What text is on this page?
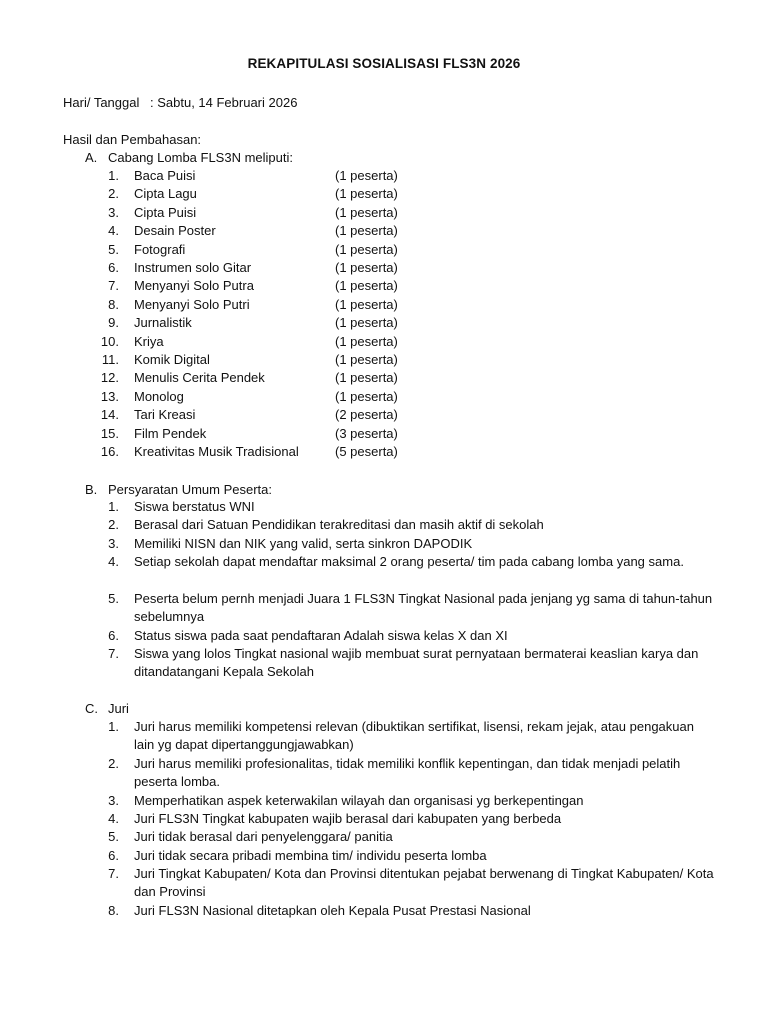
REKAPITULASI SOSIALISASI FLS3N 2026
Hari/ Tanggal : Sabtu, 14 Februari 2026
Hasil dan Pembahasan:
A. Cabang Lomba FLS3N meliputi:
1. Baca Puisi	(1 peserta)
2. Cipta Lagu	(1 peserta)
3. Cipta Puisi	(1 peserta)
4. Desain Poster	(1 peserta)
5. Fotografi	(1 peserta)
6. Instrumen solo Gitar	(1 peserta)
7. Menyanyi Solo Putra	(1 peserta)
8. Menyanyi Solo Putri	(1 peserta)
9. Jurnalistik	(1 peserta)
10. Kriya	(1 peserta)
11. Komik Digital	(1 peserta)
12. Menulis Cerita Pendek	(1 peserta)
13. Monolog	(1 peserta)
14. Tari Kreasi	(2 peserta)
15. Film Pendek	(3 peserta)
16. Kreativitas Musik Tradisional	(5 peserta)
B. Persyaratan Umum Peserta:
1. Siswa berstatus WNI
2. Berasal dari Satuan Pendidikan terakreditasi dan masih aktif di sekolah
3. Memiliki NISN dan NIK yang valid, serta sinkron DAPODIK
4. Setiap sekolah dapat mendaftar maksimal 2 orang peserta/ tim pada cabang lomba yang sama.
5. Peserta belum pernh menjadi Juara 1 FLS3N Tingkat Nasional pada jenjang yg sama di tahun-tahun sebelumnya
6. Status siswa pada saat pendaftaran Adalah siswa kelas X dan XI
7. Siswa yang lolos Tingkat nasional wajib membuat surat pernyataan bermaterai keaslian karya dan ditandatangani Kepala Sekolah
C. Juri
1. Juri harus memiliki kompetensi relevan (dibuktikan sertifikat, lisensi, rekam jejak, atau pengakuan lain yg dapat dipertanggungjawabkan)
2. Juri harus memiliki profesionalitas, tidak memiliki konflik kepentingan, dan tidak menjadi pelatih peserta lomba.
3. Memperhatikan aspek keterwakilan wilayah dan organisasi yg berkepentingan
4. Juri FLS3N Tingkat kabupaten wajib berasal dari kabupaten yang berbeda
5. Juri tidak berasal dari penyelenggara/ panitia
6. Juri tidak secara pribadi membina tim/ individu peserta lomba
7. Juri Tingkat Kabupaten/ Kota dan Provinsi ditentukan pejabat berwenang di Tingkat Kabupaten/ Kota dan Provinsi
8. Juri FLS3N Nasional ditetapkan oleh Kepala Pusat Prestasi Nasional
